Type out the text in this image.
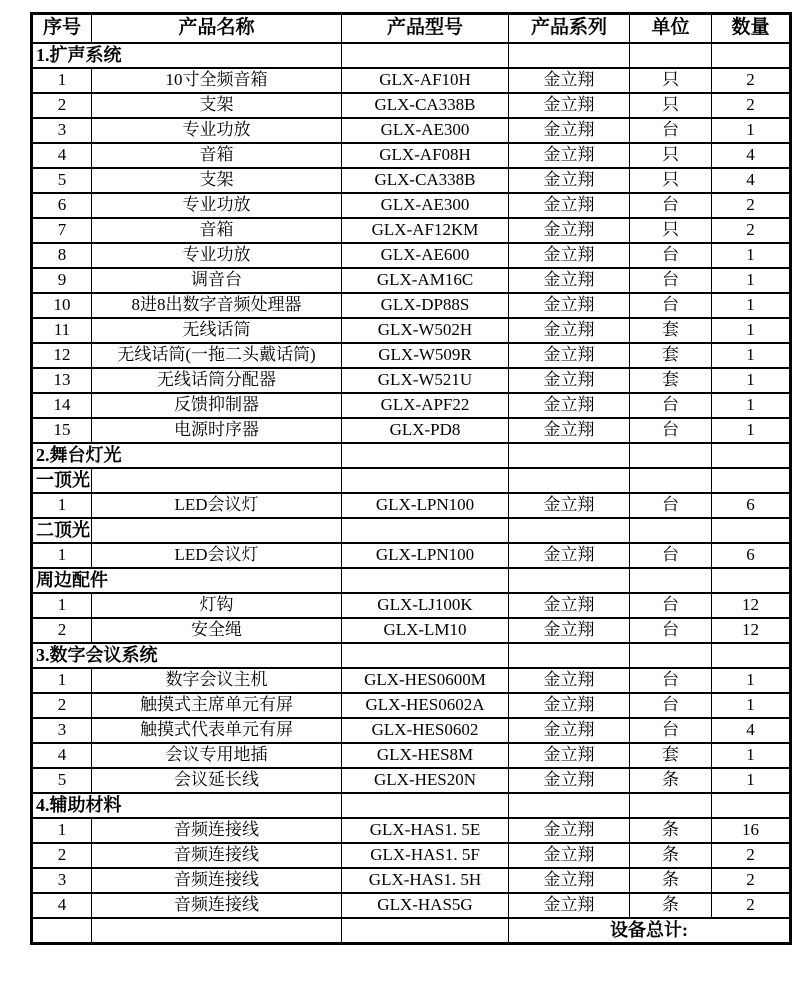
序号	产品名称	产品型号	产品系列	单位	数量
1.扩声系统					
1	10寸全频音箱	GLX-AF10H	金立翔	只	2
2	支架	GLX-CA338B	金立翔	只	2
3	专业功放	GLX-AE300	金立翔	台	1
4	音箱	GLX-AF08H	金立翔	只	4
5	支架	GLX-CA338B	金立翔	只	4
6	专业功放	GLX-AE300	金立翔	台	2
7	音箱	GLX-AF12KM	金立翔	只	2
8	专业功放	GLX-AE600	金立翔	台	1
9	调音台	GLX-AM16C	金立翔	台	1
10	8进8出数字音频处理器	GLX-DP88S	金立翔	台	1
11	无线话筒	GLX-W502H	金立翔	套	1
12	无线话筒(一拖二头戴话筒)	GLX-W509R	金立翔	套	1
13	无线话筒分配器	GLX-W521U	金立翔	套	1
14	反馈抑制器	GLX-APF22	金立翔	台	1
15	电源时序器	GLX-PD8	金立翔	台	1
2.舞台灯光					
一顶光					
1	LED会议灯	GLX-LPN100	金立翔	台	6
二顶光					
1	LED会议灯	GLX-LPN100	金立翔	台	6
周边配件					
1	灯钩	GLX-LJ100K	金立翔	台	12
2	安全绳	GLX-LM10	金立翔	台	12
3.数字会议系统					
1	数字会议主机	GLX-HES0600M	金立翔	台	1
2	触摸式主席单元有屏	GLX-HES0602A	金立翔	台	1
3	触摸式代表单元有屏	GLX-HES0602	金立翔	台	4
4	会议专用地插	GLX-HES8M	金立翔	套	1
5	会议延长线	GLX-HES20N	金立翔	条	1
4.辅助材料					
1	音频连接线	GLX-HAS1. 5E	金立翔	条	16
2	音频连接线	GLX-HAS1. 5F	金立翔	条	2
3	音频连接线	GLX-HAS1. 5H	金立翔	条	2
4	音频连接线	GLX-HAS5G	金立翔	条	2
			设备总计:		
